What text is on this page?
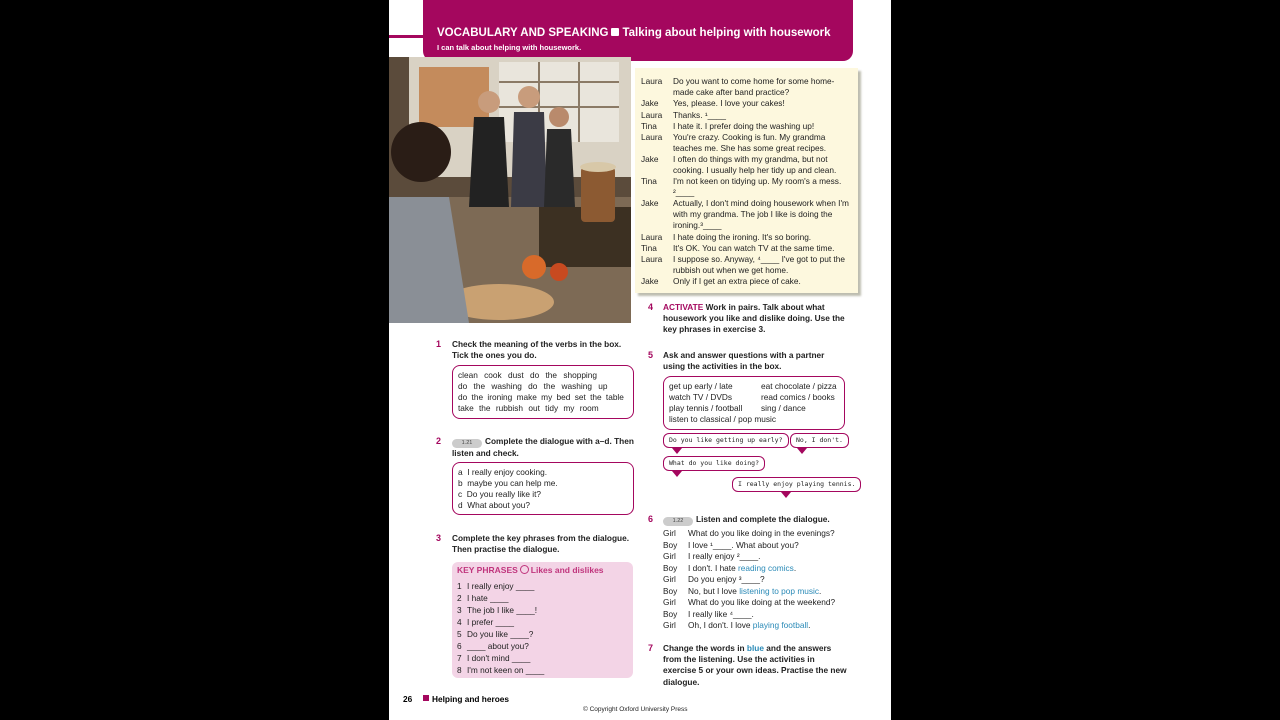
VOCABULARY AND SPEAKING Talking about helping with housework
I can talk about helping with housework.
Laura	Do you want to come home for some home-made cake after band practice?
Jake	Yes, please. I love your cakes!
Laura	Thanks. ¹____
Tina	I hate it. I prefer doing the washing up!
Laura	You're crazy. Cooking is fun. My grandma teaches me. She has some great recipes.
Jake	I often do things with my grandma, but not cooking. I usually help her tidy up and clean.
Tina	I'm not keen on tidying up. My room's a mess. ²____
Jake	Actually, I don't mind doing housework when I'm with my grandma. The job I like is doing the ironing.³____
Laura	I hate doing the ironing. It's so boring.
Tina	It's OK. You can watch TV at the same time.
Laura	I suppose so. Anyway, ⁴____ I've got to put the rubbish out when we get home.
Jake	Only if I get an extra piece of cake.
1 Check the meaning of the verbs in the box. Tick the ones you do.
clean cook dust do the shopping
do the washing do the washing up
do the ironing make my bed set the table
take the rubbish out tidy my room
2	1.21 Complete the dialogue with a–d. Then listen and check.
a I really enjoy cooking.
b maybe you can help me.
c Do you really like it?
d What about you?
3 Complete the key phrases from the dialogue. Then practise the dialogue.
KEY PHRASES Likes and dislikes
1 I really enjoy ____
2 I hate ____
3 The job I like ____!
4 I prefer ____
5 Do you like ____?
6 ____ about you?
7 I don't mind ____
8 I'm not keen on ____
4 ACTIVATE Work in pairs. Talk about what housework you like and dislike doing. Use the key phrases in exercise 3.
5 Ask and answer questions with a partner using the activities in the box.
get up early / late
watch TV / DVDs
play tennis / football
listen to classical / pop music
eat chocolate / pizza
read comics / books
sing / dance
Do you like getting up early?	No, I don't.
What do you like doing?
I really enjoy playing tennis.
6	1.22 Listen and complete the dialogue.
Girl	What do you like doing in the evenings?
Boy	I love ¹____. What about you?
Girl	I really enjoy ²____.
Boy	I don't. I hate reading comics.
Girl	Do you enjoy ³____?
Boy	No, but I love listening to pop music.
Girl	What do you like doing at the weekend?
Boy	I really like ⁴____.
Girl	Oh, I don't. I love playing football.
7 Change the words in blue and the answers from the listening. Use the activities in exercise 5 or your own ideas. Practise the new dialogue.
26 Helping and heroes
© Copyright Oxford University Press
